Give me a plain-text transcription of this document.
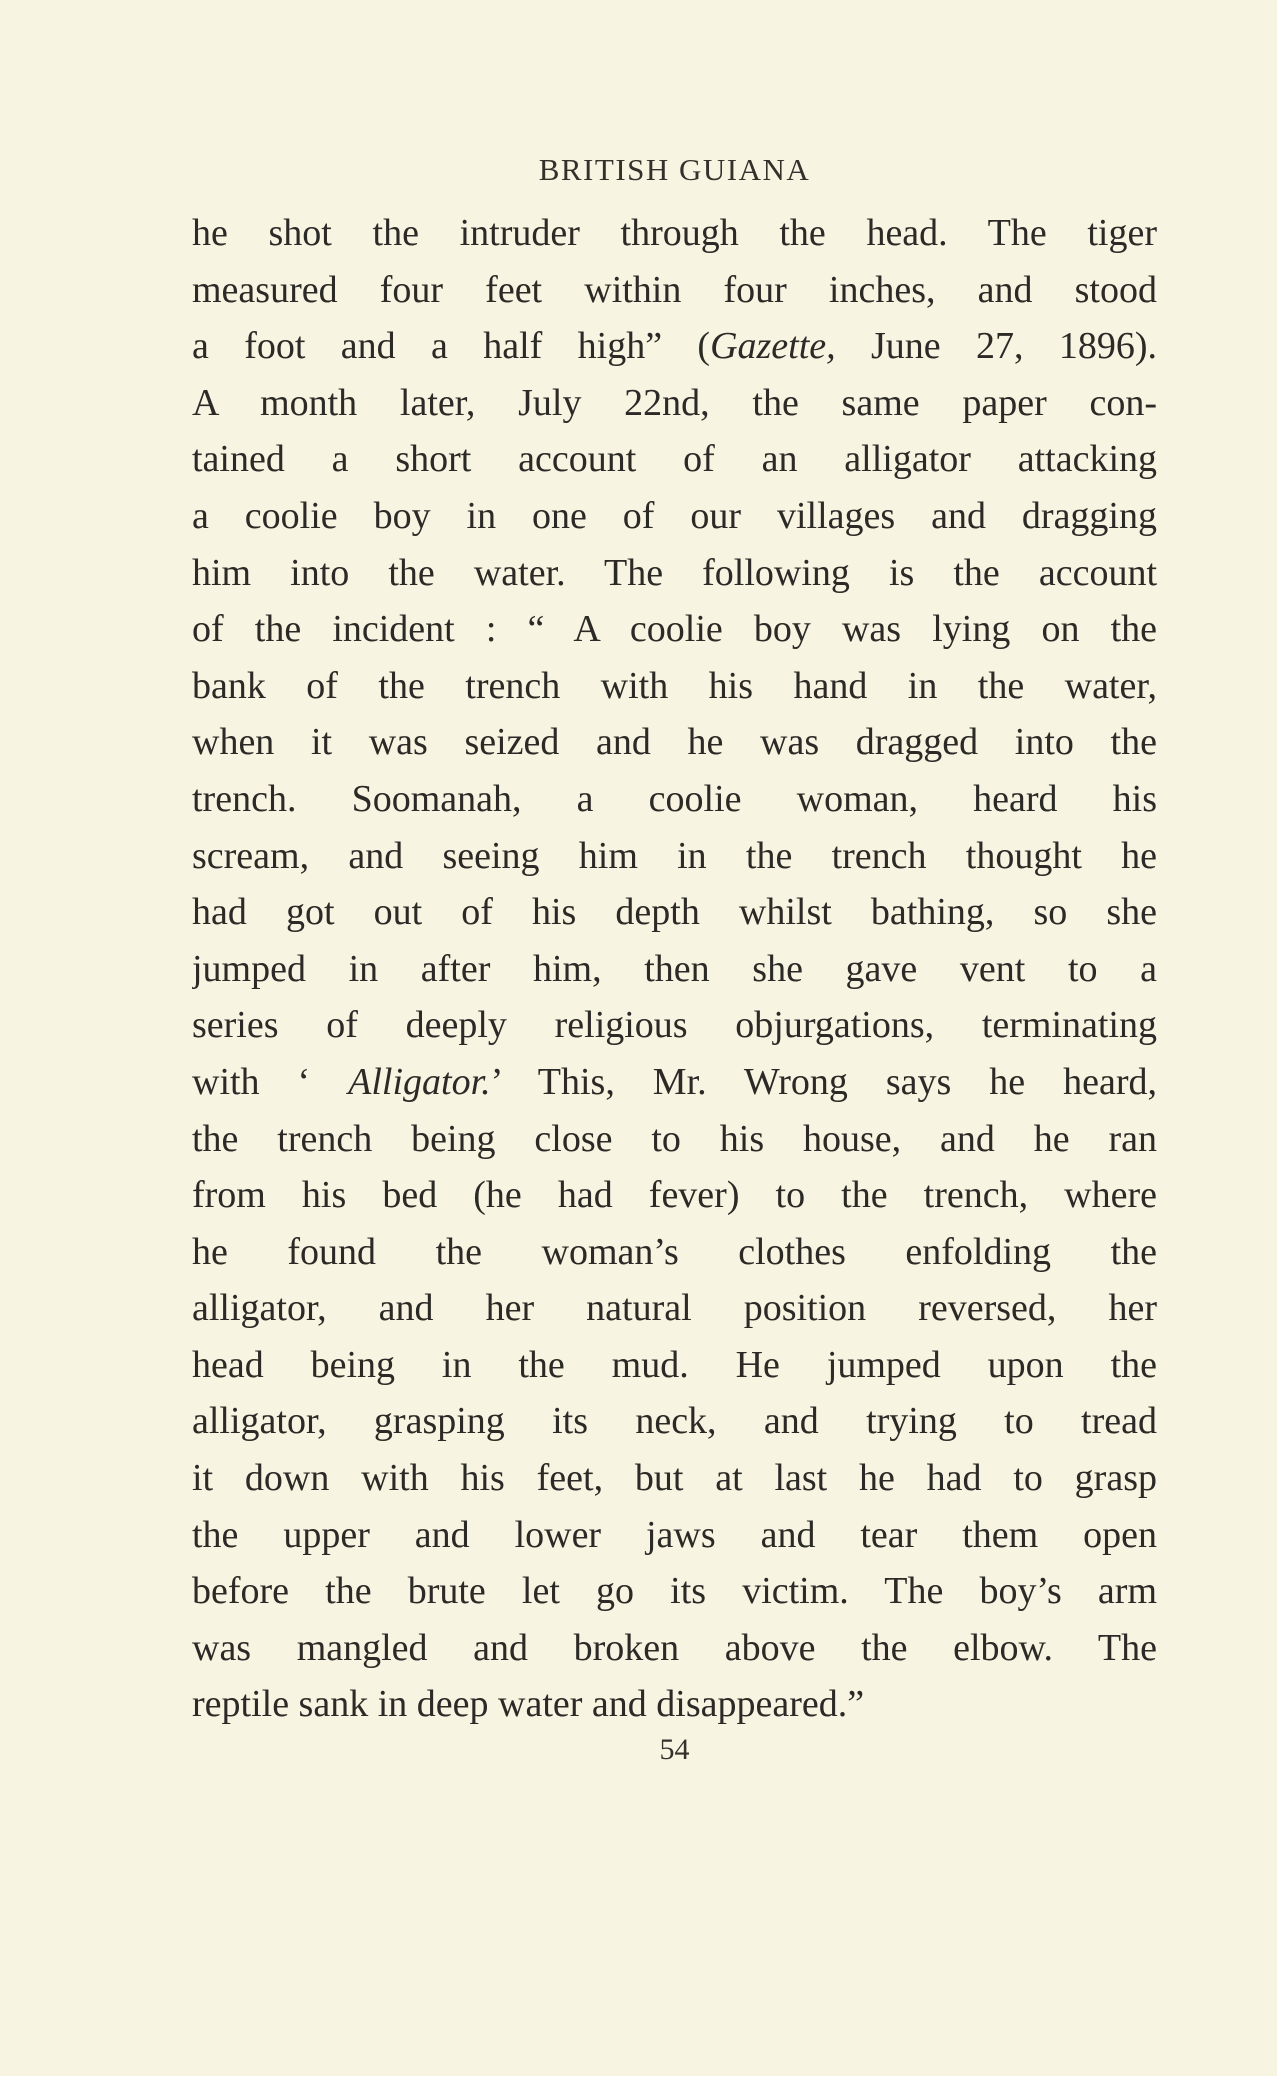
BRITISH GUIANA
he shot the intruder through the head. The tiger
measured four feet within four inches, and stood
a foot and a half high” (Gazette, June 27, 1896).
A month later, July 22nd, the same paper con-
tained a short account of an alligator attacking
a coolie boy in one of our villages and dragging
him into the water. The following is the account
of the incident : “ A coolie boy was lying on the
bank of the trench with his hand in the water,
when it was seized and he was dragged into the
trench. Soomanah, a coolie woman, heard his
scream, and seeing him in the trench thought he
had got out of his depth whilst bathing, so she
jumped in after him, then she gave vent to a
series of deeply religious objurgations, terminating
with ‘ Alligator.’ This, Mr. Wrong says he heard,
the trench being close to his house, and he ran
from his bed (he had fever) to the trench, where
he found the woman’s clothes enfolding the
alligator, and her natural position reversed, her
head being in the mud. He jumped upon the
alligator, grasping its neck, and trying to tread
it down with his feet, but at last he had to grasp
the upper and lower jaws and tear them open
before the brute let go its victim. The boy’s arm
was mangled and broken above the elbow. The
reptile sank in deep water and disappeared.”
54
